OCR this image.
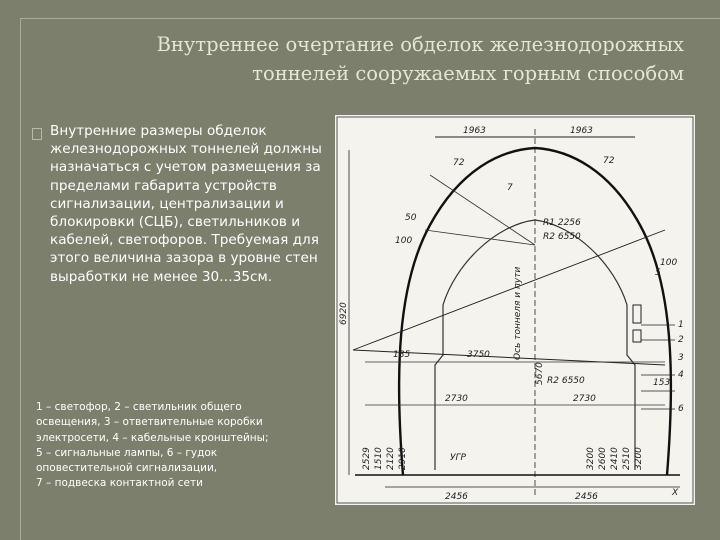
Внутреннее очертание обделок железнодорожных
тоннелей сооружаемых горным способом
Внутренние размеры обделок железнодорожных тоннелей должны назначаться с учетом размещения за пределами габарита устройств сигнализации, централизации и блокировки (СЦБ), светильников и кабелей, светофоров. Требуемая для этого величина зазора в уровне стен выработки не менее 30…35см.
1 – светофор, 2 – светильник общего
освещения, 3 – ответвительные коробки
электросети, 4 – кабельные кронштейны;
5 – сигнальные лампы, 6 – гудок
оповестительной сигнализации,
7 – подвеска контактной сети
1963	1963
R1 2256
R2 6550
R2 6550
6920	Ось тоннеля и пути
185	3750
5670
2730	2730
2456	2456
УГР
X
153
100
50
100
72	72
2529 1510 2120 2910	3200 2600 2410 2510 3200
1
2
3
4
5
6
7
